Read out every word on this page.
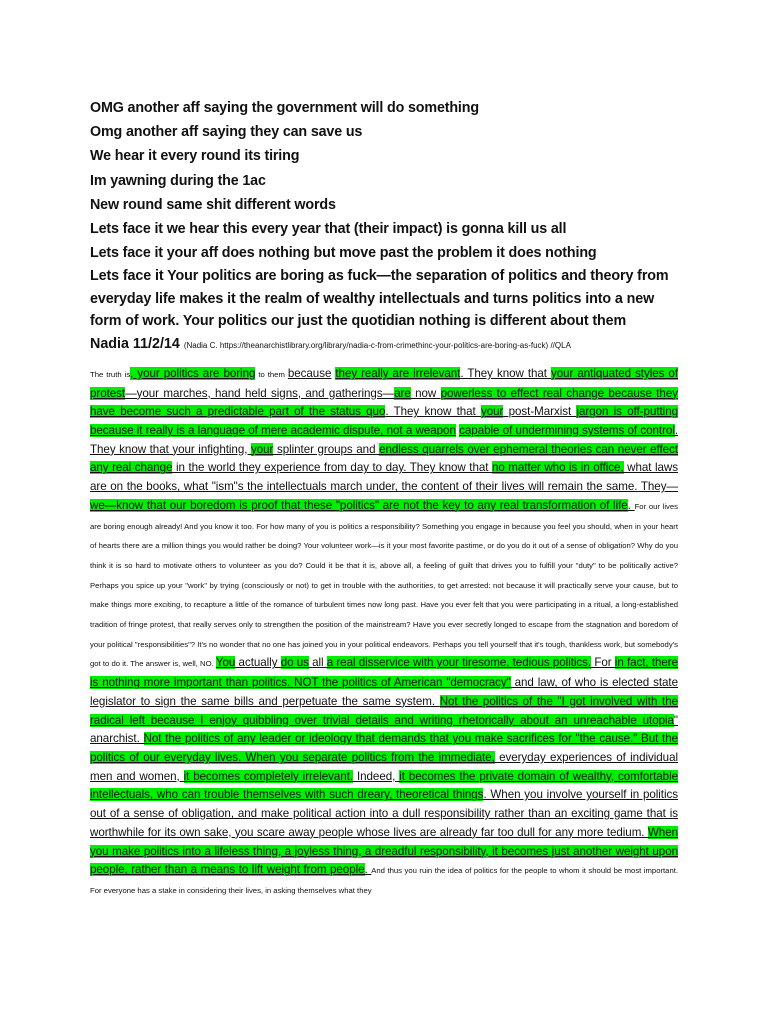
OMG another aff saying the government will do something

Omg another aff saying they can save us

We hear it every round its tiring

Im yawning during the 1ac

New round same shit different words

Lets face it we hear this every year that (their impact) is gonna kill us all

Lets face it your aff does nothing but move past the problem it does nothing

Lets face it Your politics are boring as fuck—the separation of politics and theory from everyday life makes it the realm of wealthy intellectuals and turns politics into a new form of work. Your politics our just the quotidian nothing is different about them

Nadia 11/2/14 (Nadia C. https://theanarchistlibrary.org/library/nadia-c-from-crimethinc-your-politics-are-boring-as-fuck) //QLA

The truth is, your politics are boring to them because they really are irrelevant. They know that your antiquated styles of protest—your marches, hand held signs, and gatherings—are now powerless to effect real change because they have become such a predictable part of the status quo. They know that your post-Marxist jargon is off-putting because it really is a language of mere academic dispute, not a weapon capable of undermining systems of control. They know that your infighting, your splinter groups and endless quarrels over ephemeral theories can never effect any real change in the world they experience from day to day. They know that no matter who is in office, what laws are on the books, what "ism"s the intellectuals march under, the content of their lives will remain the same. They—we—know that our boredom is proof that these "politics" are not the key to any real transformation of life. For our lives are boring enough already! And you know it too. For how many of you is politics a responsibility? Something you engage in because you feel you should, when in your heart of hearts there are a million things you would rather be doing? Your volunteer work—is it your most favorite pastime, or do you do it out of a sense of obligation? Why do you think it is so hard to motivate others to volunteer as you do? Could it be that it is, above all, a feeling of guilt that drives you to fulfill your "duty" to be politically active? Perhaps you spice up your "work" by trying (consciously or not) to get in trouble with the authorities, to get arrested: not because it will practically serve your cause, but to make things more exciting, to recapture a little of the romance of turbulent times now long past. Have you ever felt that you were participating in a ritual, a long-established tradition of fringe protest, that really serves only to strengthen the position of the mainstream? Have you ever secretly longed to escape from the stagnation and boredom of your political "responsibilities"? It's no wonder that no one has joined you in your political endeavors. Perhaps you tell yourself that it's tough, thankless work, but somebody's got to do it. The answer is, well, NO. You actually do us all a real disservice with your tiresome, tedious politics. For in fact, there is nothing more important than politics. NOT the politics of American "democracy" and law, of who is elected state legislator to sign the same bills and perpetuate the same system. Not the politics of the "I got involved with the radical left because I enjoy quibbling over trivial details and writing rhetorically about an unreachable utopia" anarchist. Not the politics of any leader or ideology that demands that you make sacrifices for "the cause." But the politics of our everyday lives. When you separate politics from the immediate, everyday experiences of individual men and women, it becomes completely irrelevant. Indeed, it becomes the private domain of wealthy, comfortable intellectuals, who can trouble themselves with such dreary, theoretical things. When you involve yourself in politics out of a sense of obligation, and make political action into a dull responsibility rather than an exciting game that is worthwhile for its own sake, you scare away people whose lives are already far too dull for any more tedium. When you make politics into a lifeless thing, a joyless thing, a dreadful responsibility, it becomes just another weight upon people, rather than a means to lift weight from people. And thus you ruin the idea of politics for the people to whom it should be most important. For everyone has a stake in considering their lives, in asking themselves what they
